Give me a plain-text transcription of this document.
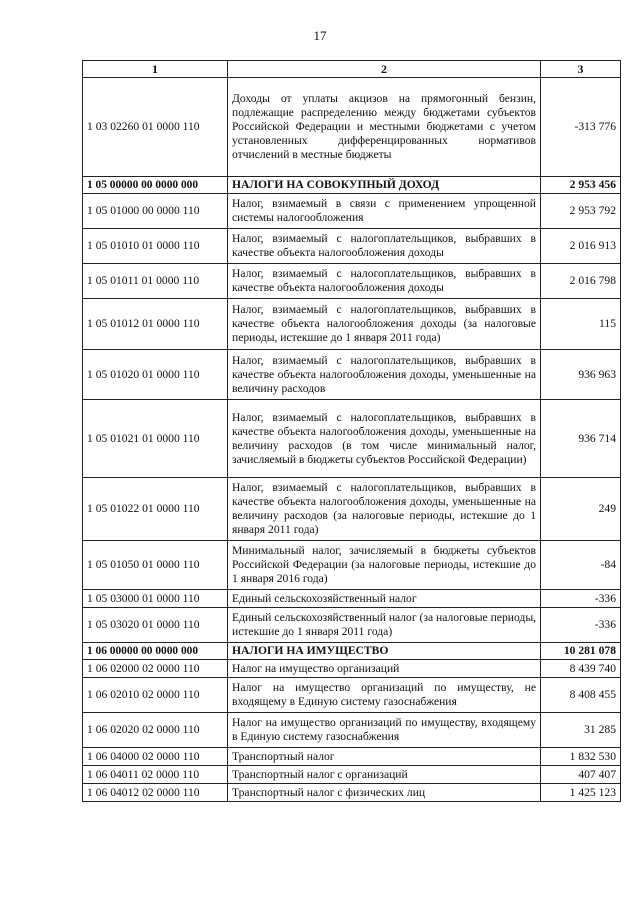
17
1	2	3
1 03 02260 01 0000 110	Доходы от уплаты акцизов на прямогонный бензин, подлежащие распределению между бюджетами субъектов Российской Федерации и местными бюджетами с учетом установленных дифференцированных нормативов отчислений в местные бюджеты	-313 776
1 05 00000 00 0000 000	НАЛОГИ НА СОВОКУПНЫЙ ДОХОД	2 953 456
1 05 01000 00 0000 110	Налог, взимаемый в связи с применением упрощенной системы налогообложения	2 953 792
1 05 01010 01 0000 110	Налог, взимаемый с налогоплательщиков, выбравших в качестве объекта налогообложения доходы	2 016 913
1 05 01011 01 0000 110	Налог, взимаемый с налогоплательщиков, выбравших в качестве объекта налогообложения доходы	2 016 798
1 05 01012 01 0000 110	Налог, взимаемый с налогоплательщиков, выбравших в качестве объекта налогообложения доходы (за налоговые периоды, истекшие до 1 января 2011 года)	115
1 05 01020 01 0000 110	Налог, взимаемый с налогоплательщиков, выбравших в качестве объекта налогообложения доходы, уменьшенные на величину расходов	936 963
1 05 01021 01 0000 110	Налог, взимаемый с налогоплательщиков, выбравших в качестве объекта налогообложения доходы, уменьшенные на величину расходов (в том числе минимальный налог, зачисляемый в бюджеты субъектов Российской Федерации)	936 714
1 05 01022 01 0000 110	Налог, взимаемый с налогоплательщиков, выбравших в качестве объекта налогообложения доходы, уменьшенные на величину расходов (за налоговые периоды, истекшие до 1 января 2011 года)	249
1 05 01050 01 0000 110	Минимальный налог, зачисляемый в бюджеты субъектов Российской Федерации (за налоговые периоды, истекшие до 1 января 2016 года)	-84
1 05 03000 01 0000 110	Единый сельскохозяйственный налог	-336
1 05 03020 01 0000 110	Единый сельскохозяйственный налог (за налоговые периоды, истекшие до 1 января 2011 года)	-336
1 06 00000 00 0000 000	НАЛОГИ НА ИМУЩЕСТВО	10 281 078
1 06 02000 02 0000 110	Налог на имущество организаций	8 439 740
1 06 02010 02 0000 110	Налог на имущество организаций по имуществу, не входящему в Единую систему газоснабжения	8 408 455
1 06 02020 02 0000 110	Налог на имущество организаций по имуществу, входящему в Единую систему газоснабжения	31 285
1 06 04000 02 0000 110	Транспортный налог	1 832 530
1 06 04011 02 0000 110	Транспортный налог с организаций	407 407
1 06 04012 02 0000 110	Транспортный налог с физических лиц	1 425 123
